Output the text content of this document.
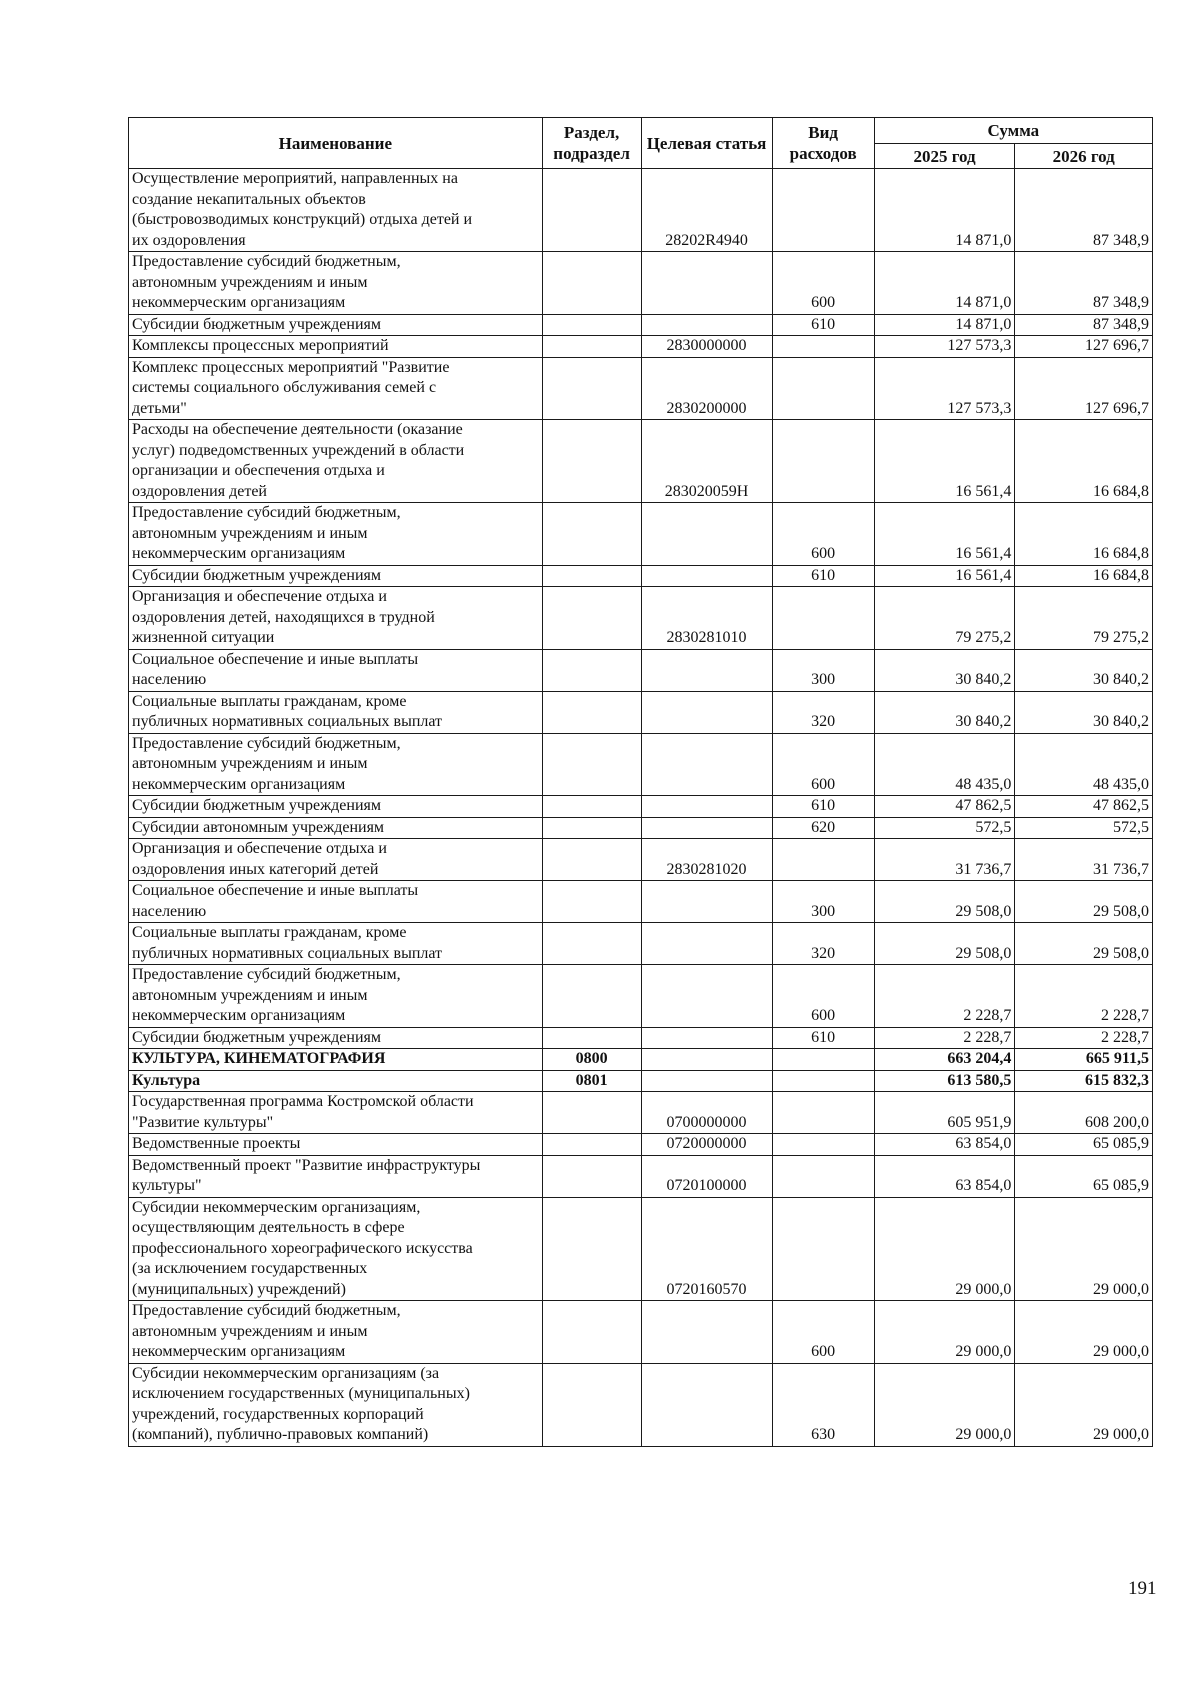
Наименование	Раздел, подраздел	Целевая статья	Вид расходов	Сумма	
				2025 год	2026 год
Осуществление мероприятий, направленных на
создание некапитальных объектов
(быстровозводимых конструкций) отдыха детей и
их оздоровления		28202R4940		14 871,0	87 348,9
Предоставление субсидий бюджетным,
автономным учреждениям и иным
некоммерческим организациям			600	14 871,0	87 348,9
Субсидии бюджетным учреждениям			610	14 871,0	87 348,9
Комплексы процессных мероприятий		2830000000		127 573,3	127 696,7
Комплекс процессных мероприятий "Развитие
системы социального обслуживания семей с
детьми"		2830200000		127 573,3	127 696,7
Расходы на обеспечение деятельности (оказание
услуг) подведомственных учреждений в области
организации и обеспечения отдыха и
оздоровления детей		283020059Н		16 561,4	16 684,8
Предоставление субсидий бюджетным,
автономным учреждениям и иным
некоммерческим организациям			600	16 561,4	16 684,8
Субсидии бюджетным учреждениям			610	16 561,4	16 684,8
Организация и обеспечение отдыха и
оздоровления детей, находящихся в трудной
жизненной ситуации		2830281010		79 275,2	79 275,2
Социальное обеспечение и иные выплаты
населению			300	30 840,2	30 840,2
Социальные выплаты гражданам, кроме
публичных нормативных социальных выплат			320	30 840,2	30 840,2
Предоставление субсидий бюджетным,
автономным учреждениям и иным
некоммерческим организациям			600	48 435,0	48 435,0
Субсидии бюджетным учреждениям			610	47 862,5	47 862,5
Субсидии автономным учреждениям			620	572,5	572,5
Организация и обеспечение отдыха и
оздоровления иных категорий детей		2830281020		31 736,7	31 736,7
Социальное обеспечение и иные выплаты
населению			300	29 508,0	29 508,0
Социальные выплаты гражданам, кроме
публичных нормативных социальных выплат			320	29 508,0	29 508,0
Предоставление субсидий бюджетным,
автономным учреждениям и иным
некоммерческим организациям			600	2 228,7	2 228,7
Субсидии бюджетным учреждениям			610	2 228,7	2 228,7
КУЛЬТУРА, КИНЕМАТОГРАФИЯ	0800			663 204,4	665 911,5
Культура	0801			613 580,5	615 832,3
Государственная программа Костромской области
"Развитие культуры"		0700000000		605 951,9	608 200,0
Ведомственные проекты		0720000000		63 854,0	65 085,9
Ведомственный проект "Развитие инфраструктуры
культуры"		0720100000		63 854,0	65 085,9
Субсидии некоммерческим организациям,
осуществляющим деятельность в сфере
профессионального хореографического искусства
(за исключением государственных
(муниципальных) учреждений)		0720160570		29 000,0	29 000,0
Предоставление субсидий бюджетным,
автономным учреждениям и иным
некоммерческим организациям			600	29 000,0	29 000,0
Субсидии некоммерческим организациям (за
исключением государственных (муниципальных)
учреждений, государственных корпораций
(компаний), публично-правовых компаний)			630	29 000,0	29 000,0
191
